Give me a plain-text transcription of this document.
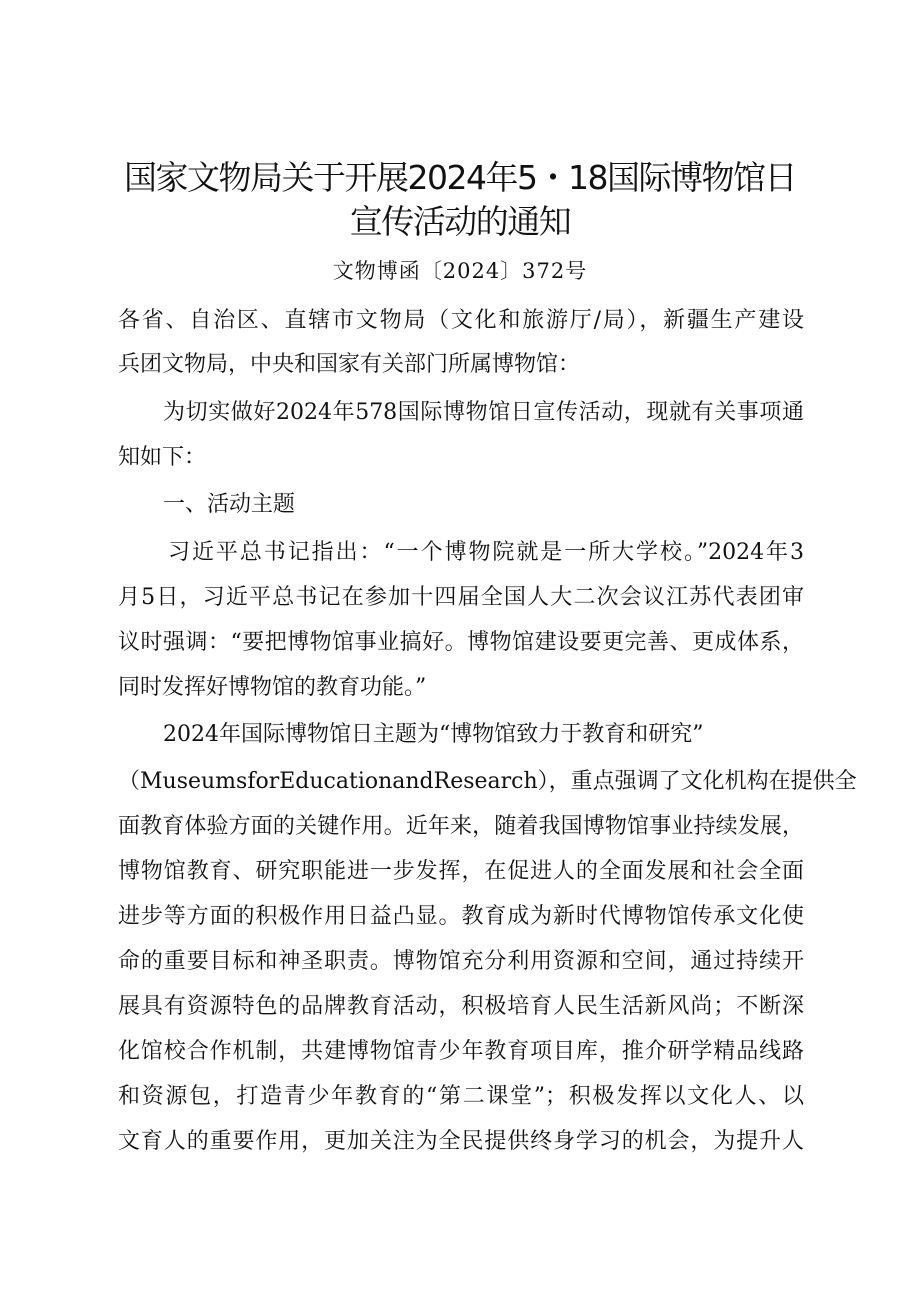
国家文物局关于开展2024年5・18国际博物馆日
宣传活动的通知
文物博函〔2024〕372号
各省、自治区、直辖市文物局（文化和旅游厅/局），新疆生产建设
兵团文物局，中央和国家有关部门所属博物馆：
为切实做好2024年578国际博物馆日宣传活动，现就有关事项通
知如下：
一、活动主题
习近平总书记指出：“一个博物院就是一所大学校。”2024年3
月5日，习近平总书记在参加十四届全国人大二次会议江苏代表团审
议时强调：“要把博物馆事业搞好。博物馆建设要更完善、更成体系，
同时发挥好博物馆的教育功能。”
2024年国际博物馆日主题为“博物馆致力于教育和研究”
（MuseumsforEducationandResearch），重点强调了文化机构在提供全
面教育体验方面的关键作用。近年来，随着我国博物馆事业持续发展，
博物馆教育、研究职能进一步发挥，在促进人的全面发展和社会全面
进步等方面的积极作用日益凸显。教育成为新时代博物馆传承文化使
命的重要目标和神圣职责。博物馆充分利用资源和空间，通过持续开
展具有资源特色的品牌教育活动，积极培育人民生活新风尚；不断深
化馆校合作机制，共建博物馆青少年教育项目库，推介研学精品线路
和资源包，打造青少年教育的“第二课堂”；积极发挥以文化人、以
文育人的重要作用，更加关注为全民提供终身学习的机会，为提升人
